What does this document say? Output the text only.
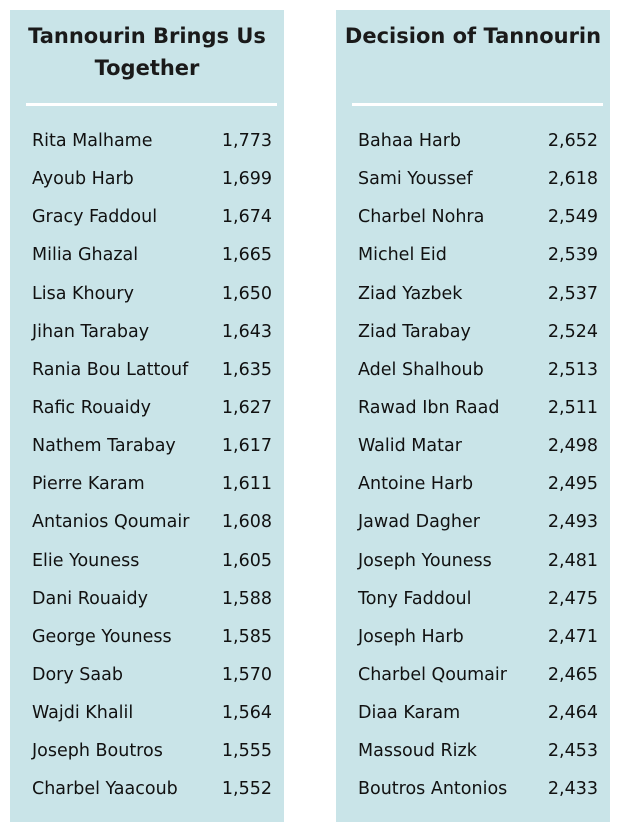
Tannourin Brings Us Together
Rita Malhame	1,773
Ayoub Harb	1,699
Gracy Faddoul	1,674
Milia Ghazal	1,665
Lisa Khoury	1,650
Jihan Tarabay	1,643
Rania Bou Lattouf 1,635
Rafic Rouaidy	1,627
Nathem Tarabay	1,617
Pierre Karam	1,611
Antanios Qoumair 1,608
Elie Youness	1,605
Dani Rouaidy	1,588
George Youness	1,585
Dory Saab	1,570
Wajdi Khalil	1,564
Joseph Boutros	1,555
Charbel Yaacoub	1,552
Decision of Tannourin
Bahaa Harb	2,652
Sami Youssef	2,618
Charbel Nohra	2,549
Michel Eid	2,539
Ziad Yazbek	2,537
Ziad Tarabay	2,524
Adel Shalhoub	2,513
Rawad Ibn Raad	2,511
Walid Matar	2,498
Antoine Harb	2,495
Jawad Dagher	2,493
Joseph Youness	2,481
Tony Faddoul	2,475
Joseph Harb	2,471
Charbel Qoumair 2,465
Diaa Karam	2,464
Massoud Rizk	2,453
Boutros Antonios 2,433
